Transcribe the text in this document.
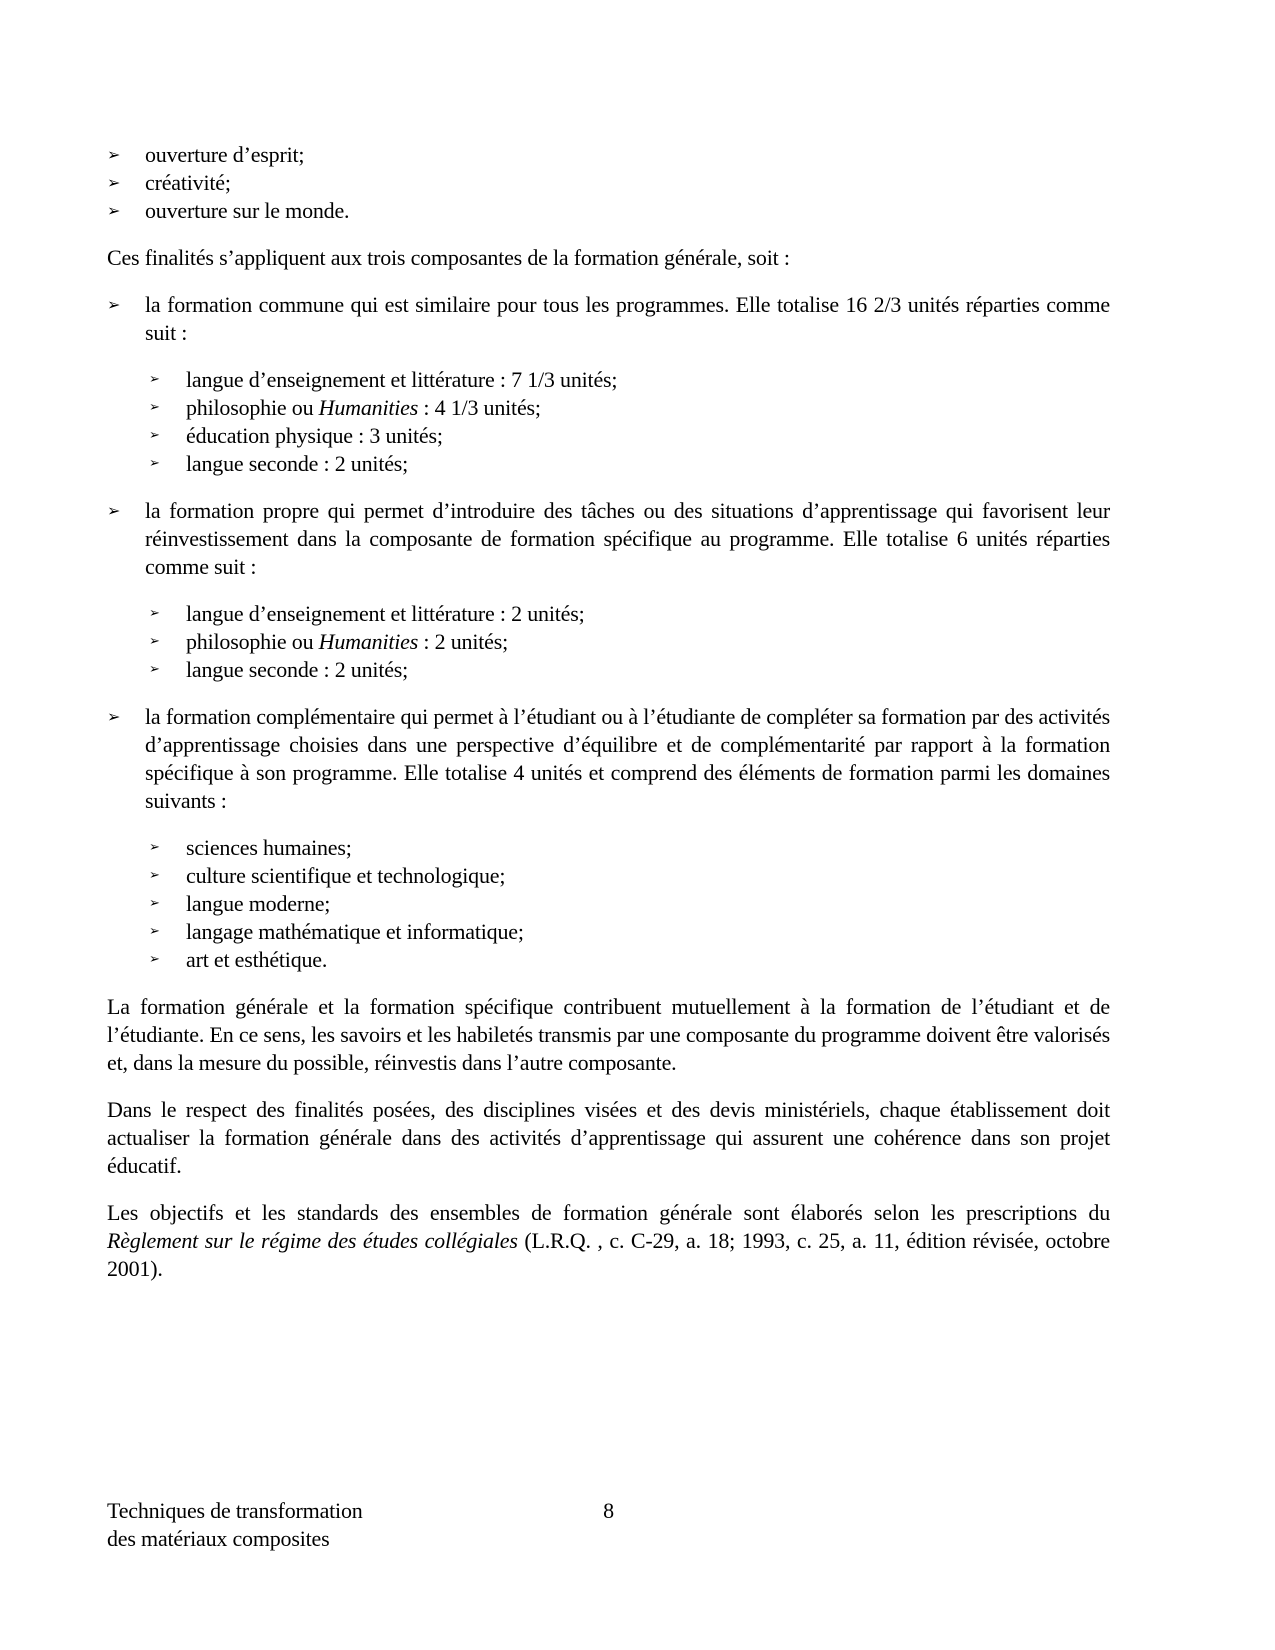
➢	ouverture d’esprit;
➢	créativité;
➢	ouverture sur le monde.

Ces finalités s’appliquent aux trois composantes de la formation générale, soit :

➢	la formation commune qui est similaire pour tous les programmes. Elle totalise 16 2/3 unités réparties comme suit :
➢	langue d’enseignement et littérature : 7 1/3 unités;
➢	philosophie ou Humanities : 4 1/3 unités;
➢	éducation physique : 3 unités;
➢	langue seconde : 2 unités;
➢	la formation propre qui permet d’introduire des tâches ou des situations d’apprentissage qui favorisent leur réinvestissement dans la composante de formation spécifique au programme. Elle totalise 6 unités réparties comme suit :
➢	langue d’enseignement et littérature : 2 unités;
➢	philosophie ou Humanities : 2 unités;
➢	langue seconde : 2 unités;
➢	la formation complémentaire qui permet à l’étudiant ou à l’étudiante de compléter sa formation par des activités d’apprentissage choisies dans une perspective d’équilibre et de complémentarité par rapport à la formation spécifique à son programme. Elle totalise 4 unités et comprend des éléments de formation parmi les domaines suivants :
➢	sciences humaines;
➢	culture scientifique et technologique;
➢	langue moderne;
➢	langage mathématique et informatique;
➢	art et esthétique.

La formation générale et la formation spécifique contribuent mutuellement à la formation de l’étudiant et de l’étudiante. En ce sens, les savoirs et les habiletés transmis par une composante du programme doivent être valorisés et, dans la mesure du possible, réinvestis dans l’autre composante.

Dans le respect des finalités posées, des disciplines visées et des devis ministériels, chaque établissement doit actualiser la formation générale dans des activités d’apprentissage qui assurent une cohérence dans son projet éducatif.

Les objectifs et les standards des ensembles de formation générale sont élaborés selon les prescriptions du Règlement sur le régime des études collégiales (L.R.Q. , c. C-29, a. 18; 1993, c. 25, a. 11, édition révisée, octobre 2001).

8
Techniques de transformation
des matériaux composites
